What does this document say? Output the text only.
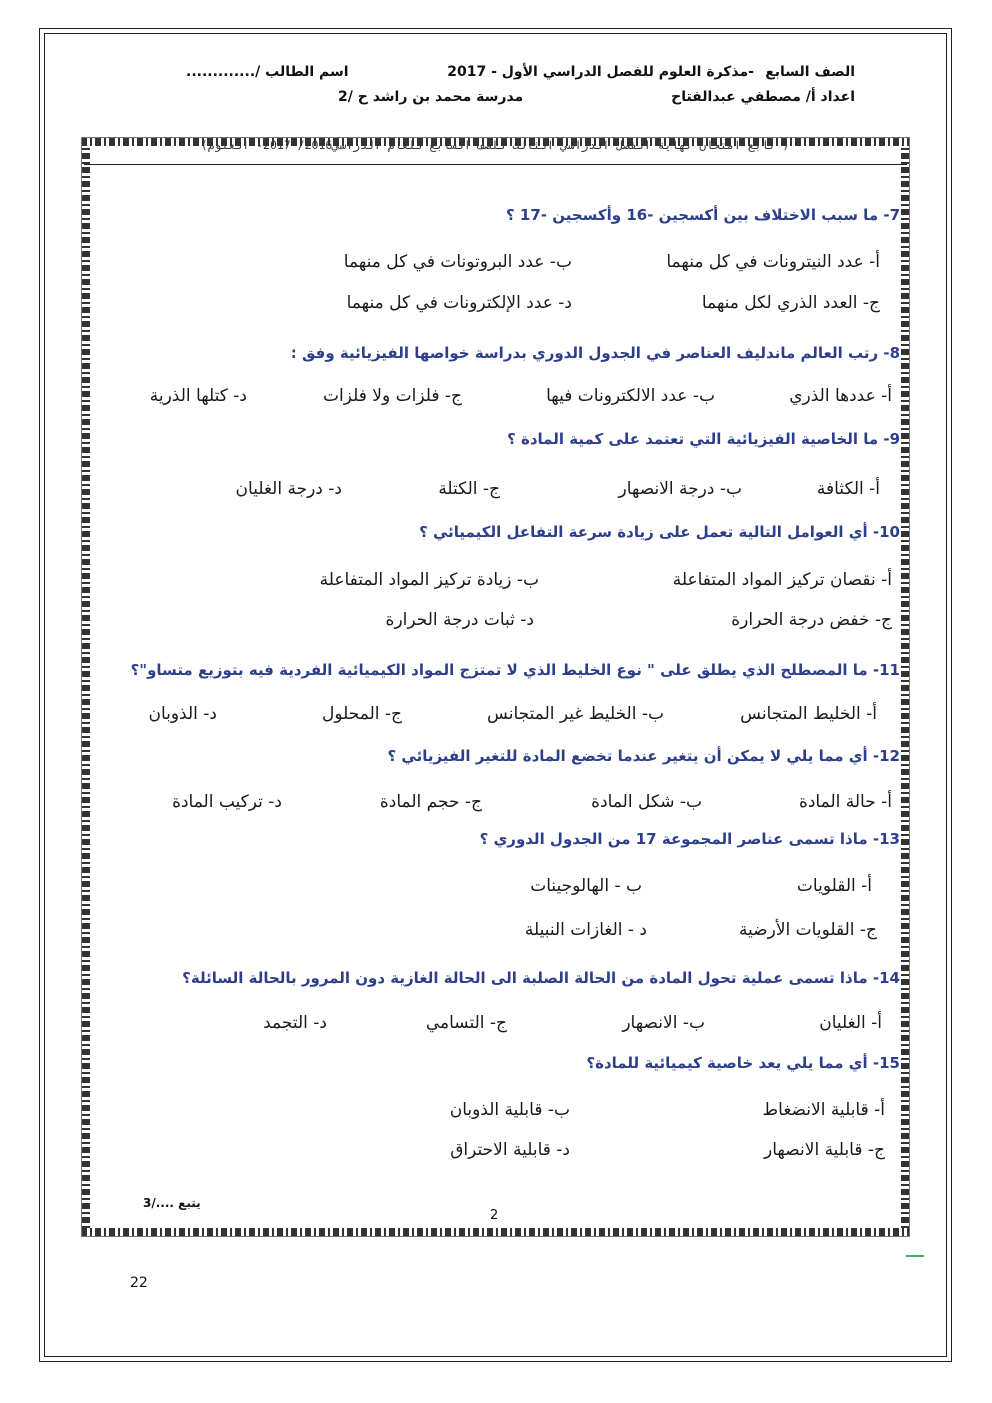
الصف السابع
-مذكرة العلوم للفصل الدراسي الأول - 2017
اسم الطالب /.............
اعداد أ/ مصطفي عبدالفتاح
مدرسة محمد بن راشد ح /2
( تابع امتحان نهاية الفصل الدراسي الثالث للصف السابع للعام الدراسي2016/ 2017- العلوم)
7- ما سبب الاختلاف بين أكسجين -16 وأكسجين -17 ؟
أ- عدد النيترونات في كل منهما
ب- عدد البروتونات في كل منهما
ج- العدد الذري لكل منهما
د- عدد الإلكترونات في كل منهما
8- رتب العالم ماندليف العناصر في الجدول الدوري بدراسة خواصها الفيزيائية وفق :
أ- عددها الذري
ب- عدد الالكترونات فيها
ج- فلزات ولا فلزات
د- كتلها الذرية
9- ما الخاصية الفيزيائية التي تعتمد على كمية المادة ؟
أ- الكثافة
ب- درجة الانصهار
ج- الكتلة
د- درجة الغليان
10- أي العوامل التالية تعمل على زيادة سرعة التفاعل الكيميائي ؟
أ- نقصان تركيز المواد المتفاعلة
ب- زيادة تركيز المواد المتفاعلة
ج- خفض درجة الحرارة
د- ثبات درجة الحرارة
11- ما المصطلح الذي يطلق على " نوع الخليط الذي لا تمتزج المواد الكيميائية الفردية فيه بتوزيع متساو"؟
أ- الخليط المتجانس
ب- الخليط غير المتجانس
ج- المحلول
د- الذوبان
12- أي مما يلي لا يمكن أن يتغير عندما تخضع المادة للتغير الفيزيائي ؟
أ- حالة المادة
ب- شكل المادة
ج- حجم المادة
د- تركيب المادة
13- ماذا تسمى عناصر المجموعة 17 من الجدول الدوري ؟
أ- القلويات
ب - الهالوجينات
ج- القلويات الأرضية
د - الغازات النبيلة
14- ماذا تسمى عملية تحول المادة من الحالة الصلبة الى الحالة الغازية دون المرور بالحالة السائلة؟
أ- الغليان
ب- الانصهار
ج- التسامي
د- التجمد
15- أي مما يلي يعد خاصية كيميائية للمادة؟
أ- قابلية الانضغاط
ب- قابلية الذوبان
ج- قابلية الانصهار
د- قابلية الاحتراق
يتبع ..../3
2
22
